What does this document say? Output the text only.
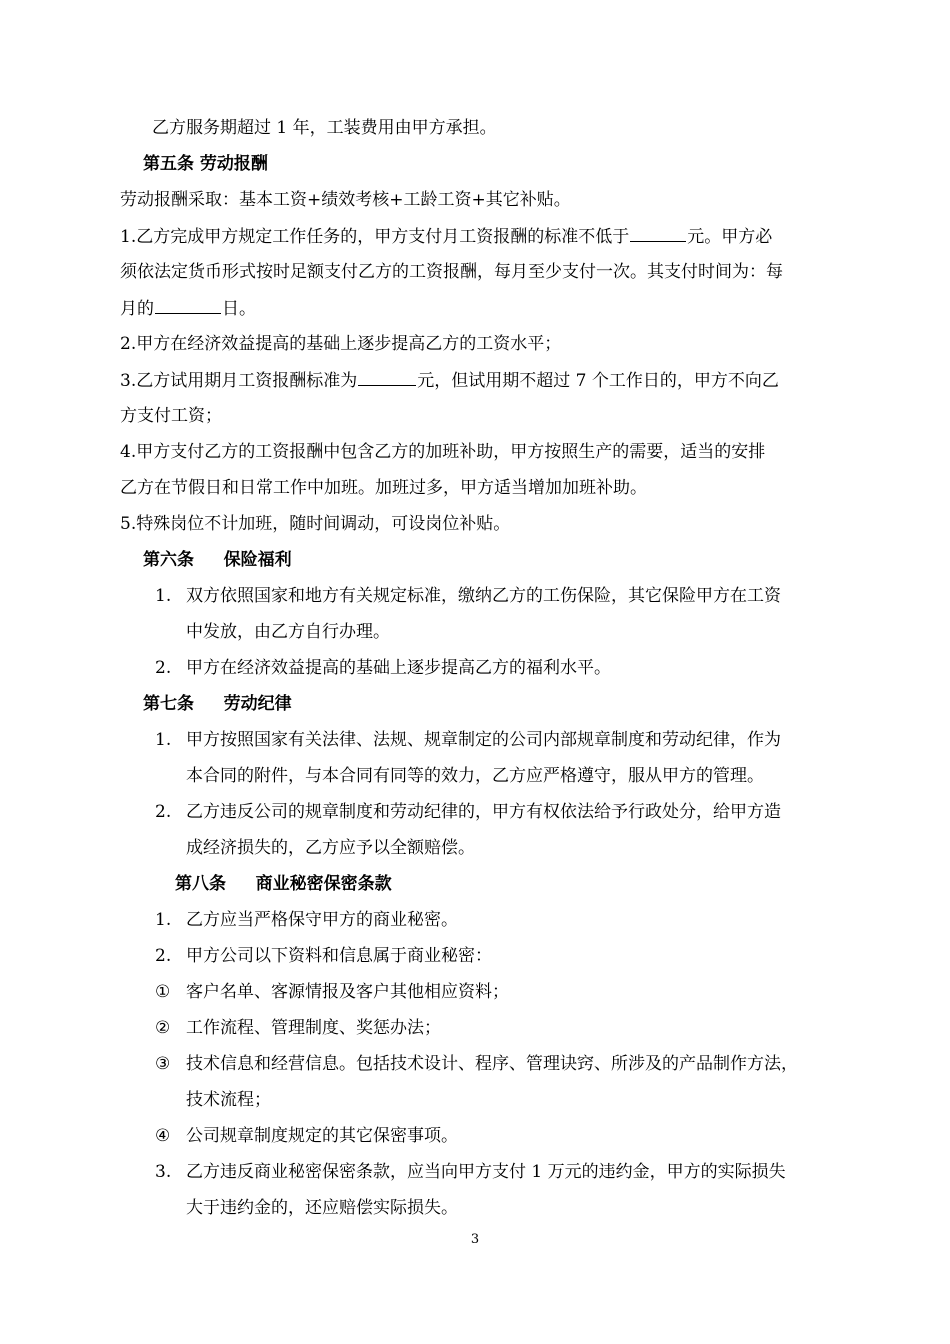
乙方服务期超过 1 年，工装费用由甲方承担。
第五条 劳动报酬
劳动报酬采取：基本工资+绩效考核+工龄工资+其它补贴。
1.乙方完成甲方规定工作任务的，甲方支付月工资报酬的标准不低于	元。甲方必
须依法定货币形式按时足额支付乙方的工资报酬，每月至少支付一次。其支付时间为：每
月的	日。
2.甲方在经济效益提高的基础上逐步提高乙方的工资水平；
3.乙方试用期月工资报酬标准为	元，但试用期不超过 7 个工作日的，甲方不向乙
方支付工资；
4.甲方支付乙方的工资报酬中包含乙方的加班补助，甲方按照生产的需要，适当的安排
乙方在节假日和日常工作中加班。加班过多，甲方适当增加加班补助。
5.特殊岗位不计加班，随时间调动，可设岗位补贴。
第六条     保险福利
1. 双方依照国家和地方有关规定标准，缴纳乙方的工伤保险，其它保险甲方在工资
中发放，由乙方自行办理。
2. 甲方在经济效益提高的基础上逐步提高乙方的福利水平。
第七条     劳动纪律
1. 甲方按照国家有关法律、法规、规章制定的公司内部规章制度和劳动纪律，作为
本合同的附件，与本合同有同等的效力，乙方应严格遵守，服从甲方的管理。
2. 乙方违反公司的规章制度和劳动纪律的，甲方有权依法给予行政处分，给甲方造
成经济损失的，乙方应予以全额赔偿。
第八条     商业秘密保密条款
1. 乙方应当严格保守甲方的商业秘密。
2. 甲方公司以下资料和信息属于商业秘密：
① 客户名单、客源情报及客户其他相应资料；
② 工作流程、管理制度、奖惩办法；
③ 技术信息和经营信息。包括技术设计、程序、管理诀窍、所涉及的产品制作方法，
技术流程；
④ 公司规章制度规定的其它保密事项。
3. 乙方违反商业秘密保密条款，应当向甲方支付 1 万元的违约金，甲方的实际损失
大于违约金的，还应赔偿实际损失。
3
